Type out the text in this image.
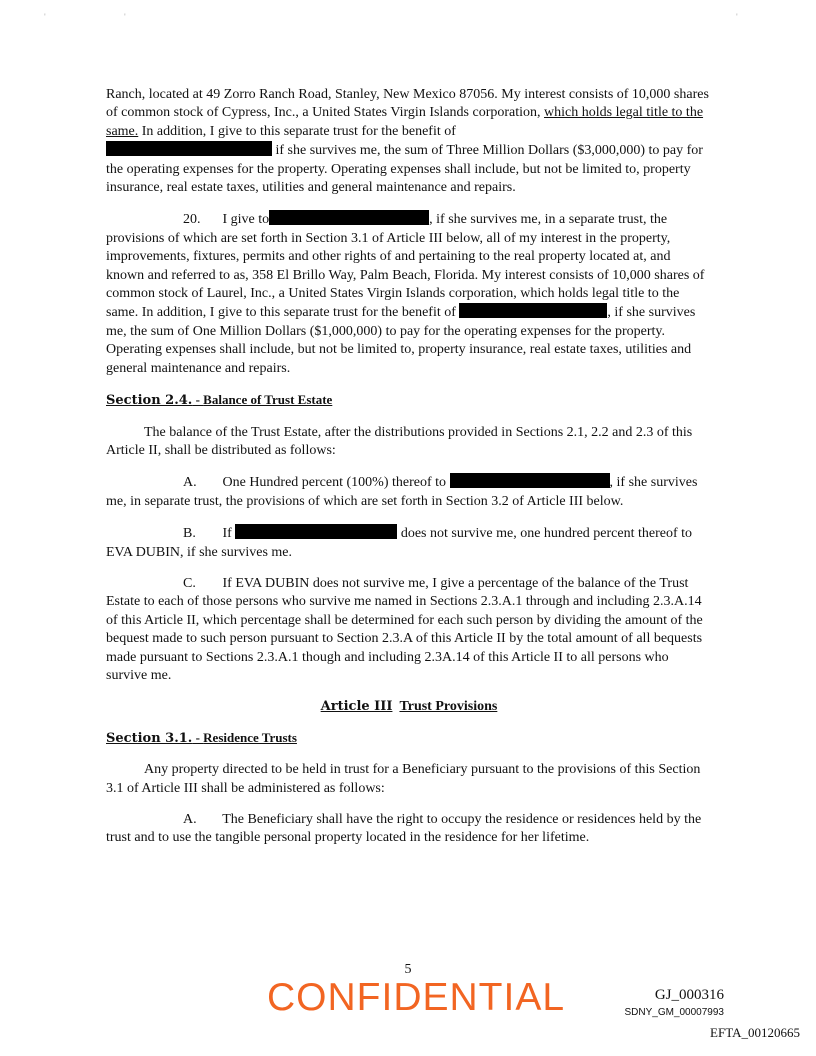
'	'	'

Ranch, located at 49 Zorro Ranch Road, Stanley, New Mexico 87056. My interest consists of 10,000 shares of common stock of Cypress, Inc., a United States Virgin Islands corporation, which holds legal title to the same. In addition, I give to this separate trust for the benefit of
if she survives me, the sum of Three Million Dollars ($3,000,000) to pay for the operating expenses for the property. Operating expenses shall include, but not be limited to, property insurance, real estate taxes, utilities and general maintenance and repairs.

20. I give to	, if she survives me, in a separate trust, the provisions of which are set forth in Section 3.1 of Article III below, all of my interest in the property, improvements, fixtures, permits and other rights of and pertaining to the real property located at, and known and referred to as, 358 El Brillo Way, Palm Beach, Florida. My interest consists of 10,000 shares of common stock of Laurel, Inc., a United States Virgin Islands corporation, which holds legal title to the same. In addition, I give to this separate trust for the benefit of	, if she survives me, the sum of One Million Dollars ($1,000,000) to pay for the operating expenses for the property. Operating expenses shall include, but not be limited to, property insurance, real estate taxes, utilities and general maintenance and repairs.

Section 2.4. - Balance of Trust Estate

The balance of the Trust Estate, after the distributions provided in Sections 2.1, 2.2 and 2.3 of this Article II, shall be distributed as follows:

A. One Hundred percent (100%) thereof to	, if she survives me, in separate trust, the provisions of which are set forth in Section 3.2 of Article III below.

B. If	does not survive me, one hundred percent thereof to EVA DUBIN, if she survives me.

C. If EVA DUBIN does not survive me, I give a percentage of the balance of the Trust Estate to each of those persons who survive me named in Sections 2.3.A.1 through and including 2.3.A.14 of this Article II, which percentage shall be determined for each such person by dividing the amount of the bequest made to such person pursuant to Section 2.3.A of this Article II by the total amount of all bequests made pursuant to Sections 2.3.A.1 though and including 2.3A.14 of this Article II to all persons who survive me.

Article III Trust Provisions

Section 3.1. - Residence Trusts

Any property directed to be held in trust for a Beneficiary pursuant to the provisions of this Section 3.1 of Article III shall be administered as follows:

A. The Beneficiary shall have the right to occupy the residence or residences held by the trust and to use the tangible personal property located in the residence for her lifetime.

5
CONFIDENTIAL	GJ_000316
SDNY_GM_00007993
EFTA_00120665
